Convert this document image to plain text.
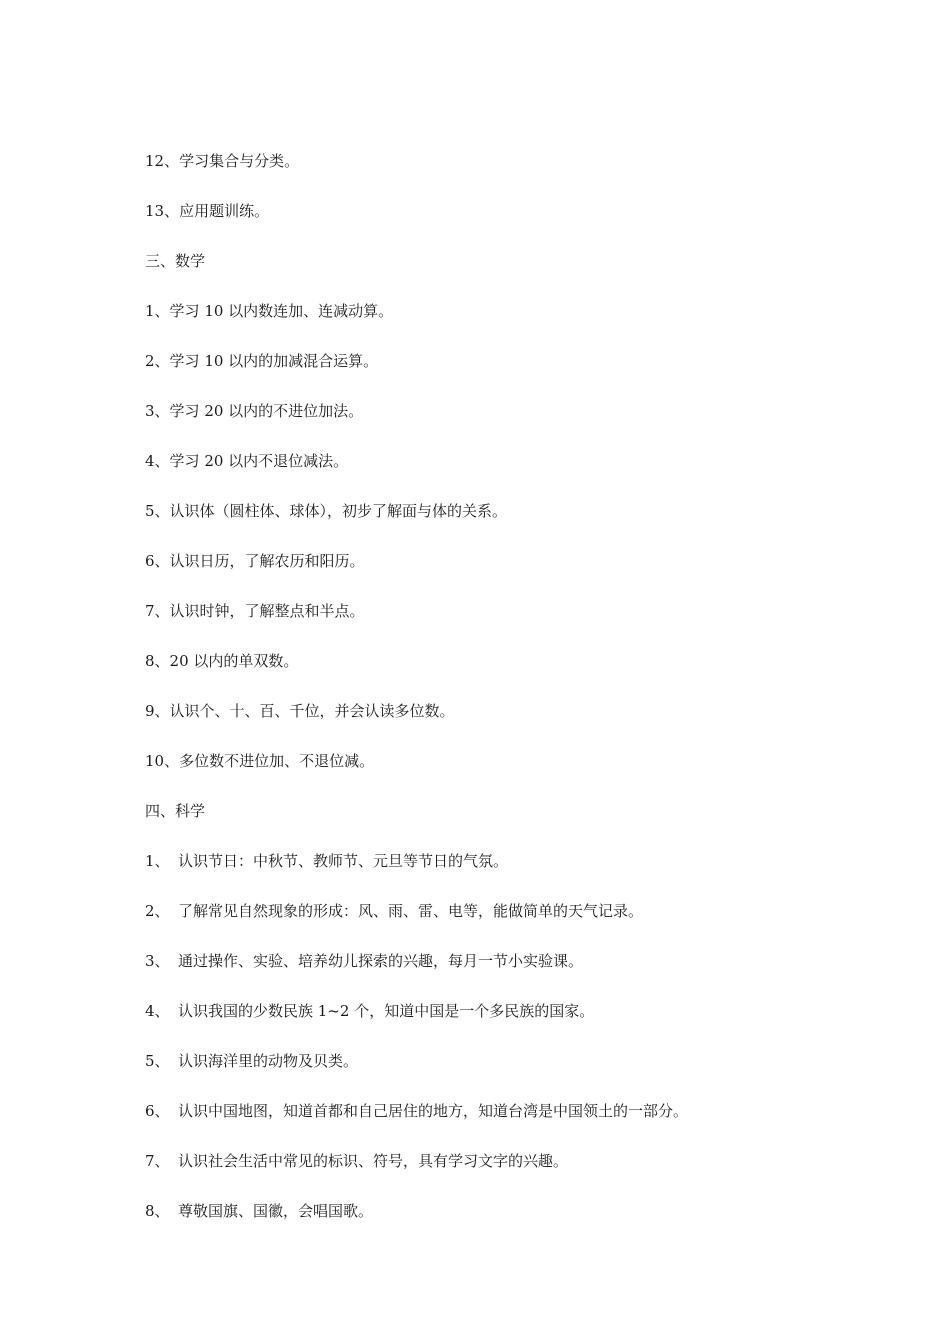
12、学习集合与分类。
13、应用题训练。
三、数学
1、学习 10 以内数连加、连减动算。
2、学习 10 以内的加减混合运算。
3、学习 20 以内的不进位加法。
4、学习 20 以内不退位减法。
5、认识体（圆柱体、球体），初步了解面与体的关系。
6、认识日历，了解农历和阳历。
7、认识时钟，了解整点和半点。
8、20 以内的单双数。
9、认识个、十、百、千位，并会认读多位数。
10、多位数不进位加、不退位减。
四、科学
1、 认识节日：中秋节、教师节、元旦等节日的气氛。
2、 了解常见自然现象的形成：风、雨、雷、电等，能做简单的天气记录。
3、 通过操作、实验、培养幼儿探索的兴趣，每月一节小实验课。
4、 认识我国的少数民族 1~2 个，知道中国是一个多民族的国家。
5、 认识海洋里的动物及贝类。
6、 认识中国地图，知道首都和自己居住的地方，知道台湾是中国领土的一部分。
7、 认识社会生活中常见的标识、符号，具有学习文字的兴趣。
8、 尊敬国旗、国徽，会唱国歌。
